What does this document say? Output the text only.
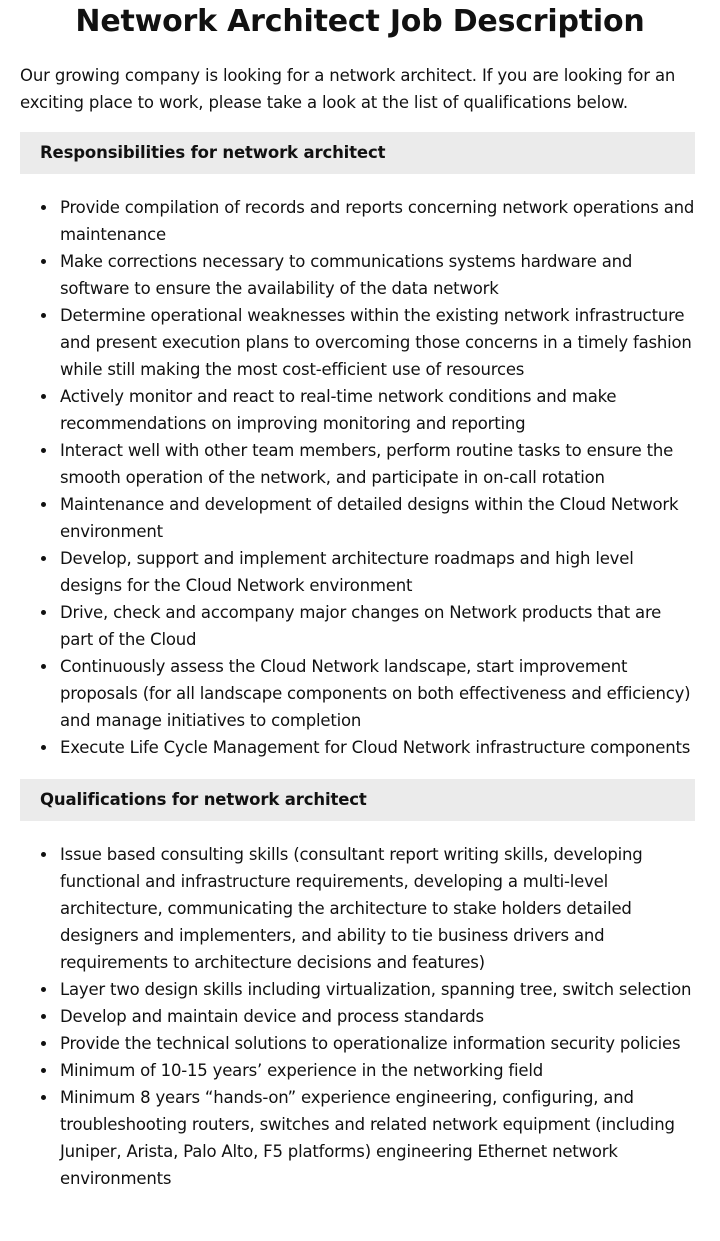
Network Architect Job Description

Our growing company is looking for a network architect. If you are looking for an exciting place to work, please take a look at the list of qualifications below.

Responsibilities for network architect
Provide compilation of records and reports concerning network operations and maintenance
Make corrections necessary to communications systems hardware and software to ensure the availability of the data network
Determine operational weaknesses within the existing network infrastructure and present execution plans to overcoming those concerns in a timely fashion while still making the most cost-efficient use of resources
Actively monitor and react to real-time network conditions and make recommendations on improving monitoring and reporting
Interact well with other team members, perform routine tasks to ensure the smooth operation of the network, and participate in on-call rotation
Maintenance and development of detailed designs within the Cloud Network environment
Develop, support and implement architecture roadmaps and high level designs for the Cloud Network environment
Drive, check and accompany major changes on Network products that are part of the Cloud
Continuously assess the Cloud Network landscape, start improvement proposals (for all landscape components on both effectiveness and efficiency) and manage initiatives to completion
Execute Life Cycle Management for Cloud Network infrastructure components
Qualifications for network architect
Issue based consulting skills (consultant report writing skills, developing functional and infrastructure requirements, developing a multi-level architecture, communicating the architecture to stake holders detailed designers and implementers, and ability to tie business drivers and requirements to architecture decisions and features)
Layer two design skills including virtualization, spanning tree, switch selection
Develop and maintain device and process standards
Provide the technical solutions to operationalize information security policies
Minimum of 10-15 years’ experience in the networking field
Minimum 8 years “hands-on” experience engineering, configuring, and troubleshooting routers, switches and related network equipment (including Juniper, Arista, Palo Alto, F5 platforms) engineering Ethernet network environments
